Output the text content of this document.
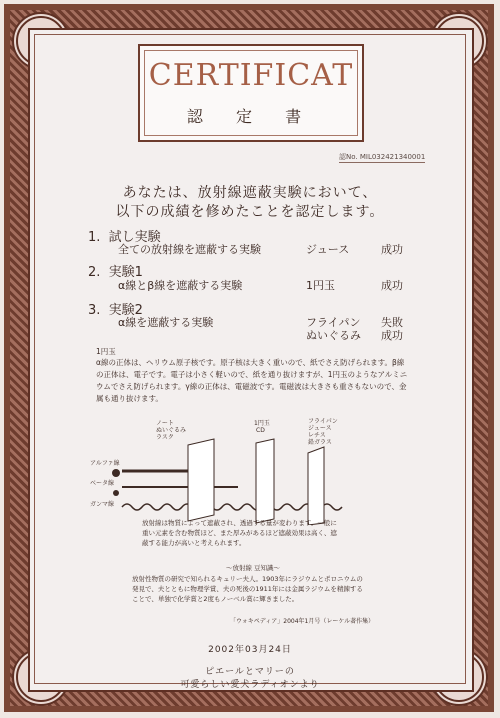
CERTIFICAT
認 定 書
認No. MIL032421340001
あなたは、放射線遮蔽実験において、
以下の成績を修めたことを認定します。
1. 試し実験
全ての放射線を遮蔽する実験	ジュース	成功
2. 実験1
α線とβ線を遮蔽する実験	1円玉	成功
3. 実験2
α線を遮蔽する実験	フライパン 失敗
ぬいぐるみ 成功
1円玉
α線の正体は、ヘリウム原子核です。原子核は大きく重いので、紙でさえ防げられます。β線の正体は、電子です。電子は小さく軽いので、紙を通り抜けますが、1円玉のようなアルミニウムでさえ防げられます。γ線の正体は、電磁波です。電磁波は大きさも重さもないので、金属も通り抜けます。
ノート
ぬいぐるみ
ラスク
1円玉
CD
フライパン
ジュース
レチス
鉛ガラス
アルファ線
ベータ線
ガンマ線
放射線は物質によって遮蔽され、透過する量が変わります。一般に重い元素を含む物質ほど、また厚みがあるほど遮蔽効果は高く、遮蔽する能力が高いと考えられます。
〜放射線 豆知識〜
放射性物質の研究で知られるキュリー夫人。1903年にラジウムとポロニウムの発見で、夫とともに物理学賞、夫の死後の1911年には金属ラジウムを精錬することで、単独で化学賞と2度もノーベル賞に輝きました。
「ウォキペディア」2004年1月号（レーケル著作集）
2002年03月24日
ピエールとマリーの
可愛らしい愛犬ラディオンより
